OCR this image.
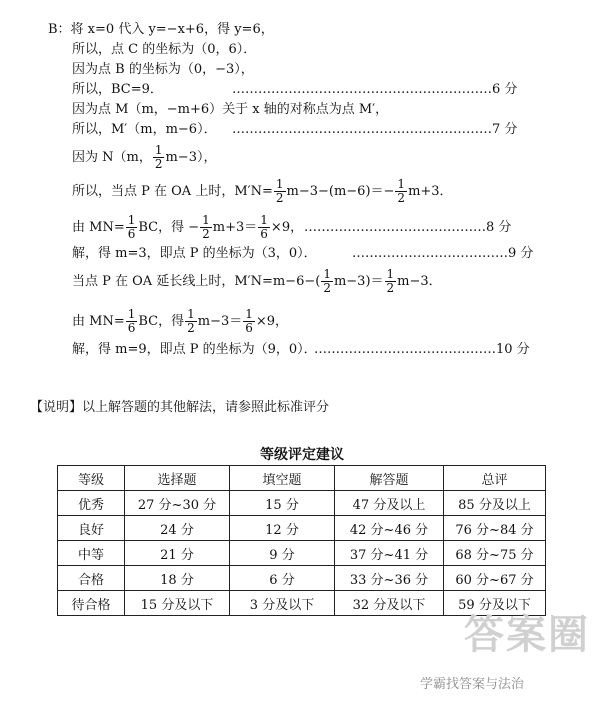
B：将 x=0 代入 y=−x+6，得 y=6，
所以，点 C 的坐标为（0，6）．
因为点 B 的坐标为（0，−3），
所以，BC=9．	……………………………………………………6 分
因为点 M（m，−m+6）关于 x 轴的对称点为点 M′，
所以，M′（m，m−6）． ……………………………………………………7 分
因为 N（m， $\frac{1}{2} m-3$），
所以，当点 P 在 OA 上时，$M'N= \frac{1}{2} m-3-(m-6)=- \frac{1}{2} m+3$．
由 $MN= \frac{1}{6}$ BC，得 − $\frac{1}{2} m+3= \frac{1}{6} \times 9$， ……………………………………8 分
解，得 m=3，即点 P 的坐标为（3，0）．	………………………………9 分
当点 P 在 OA 延长线上时，$M'N=m-6-( \frac{1}{2} m-3)= \frac{1}{2} m-3$．
由 $MN= \frac{1}{6}$ BC，得 $\frac{1}{2} m-3= \frac{1}{6} \times 9$，
解，得 m=9，即点 P 的坐标为（9，0）．
……………………………………10 分
【说明】以上解答题的其他解法，请参照此标准评分
等级评定建议
等级	选择题	填空题	解答题	总评
优秀	27 分~30 分	15 分	47 分及以上	85 分及以上
良好	24 分	12 分	42 分~46 分	76 分~84 分
中等	21 分	9 分	37 分~41 分	68 分~75 分
合格	18 分	6 分	33 分~36 分	60 分~67 分
待合格	15 分及以下	3 分及以下	32 分及以下	59 分及以下
答案圈
学霸找答案与法治
